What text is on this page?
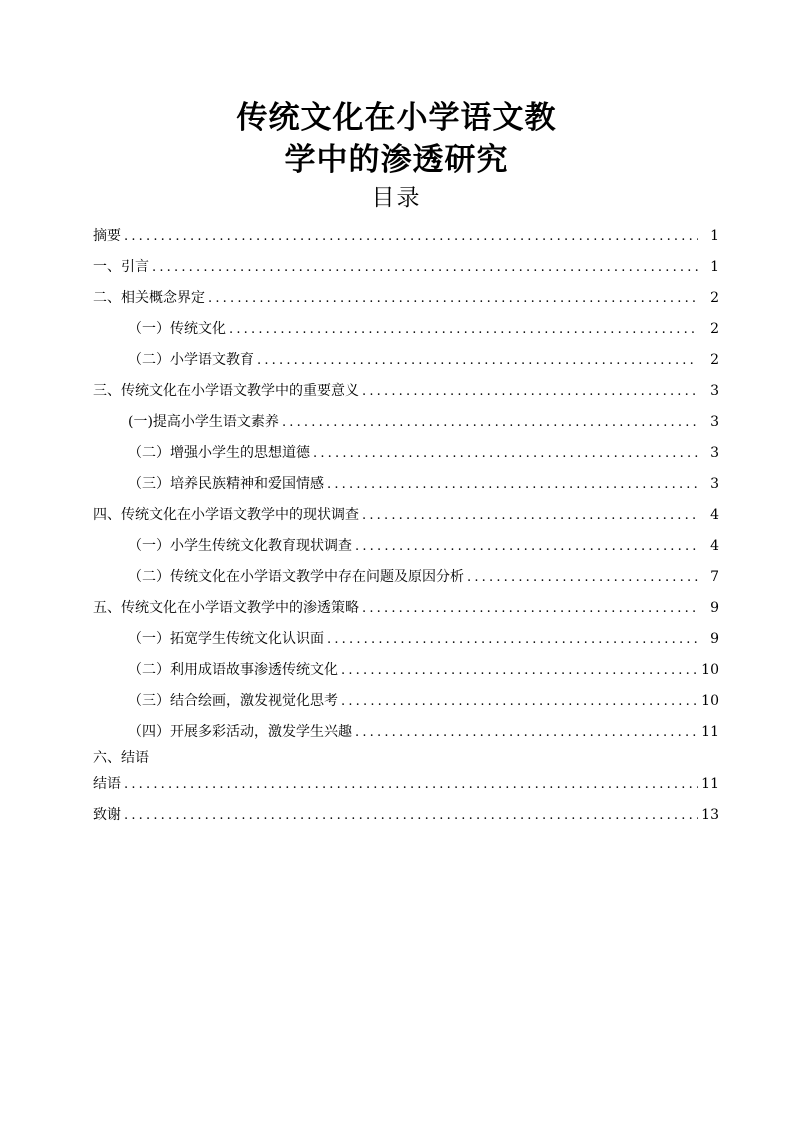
传统文化在小学语文教
学中的渗透研究
目录
摘要 .....	1
一、引言 .....	1
二、相关概念界定 .....	2
（一）传统文化 .....	2
（二）小学语文教育 .....	2
三、传统文化在小学语文教学中的重要意义 .....	3
(一)提高小学生语文素养 .....	3
（二）增强小学生的思想道德 .....	3
（三）培养民族精神和爱国情感 .....	3
四、传统文化在小学语文教学中的现状调查 .....	4
（一）小学生传统文化教育现状调查 .....	4
（二）传统文化在小学语文教学中存在问题及原因分析 .....	7
五、传统文化在小学语文教学中的渗透策略 .....	9
（一）拓宽学生传统文化认识面 .....	9
（二）利用成语故事渗透传统文化 .....	10
（三）结合绘画，激发视觉化思考 .....	10
（四）开展多彩活动，激发学生兴趣 .....	11
六、结语
结语 .....	11
致谢 .....	13
